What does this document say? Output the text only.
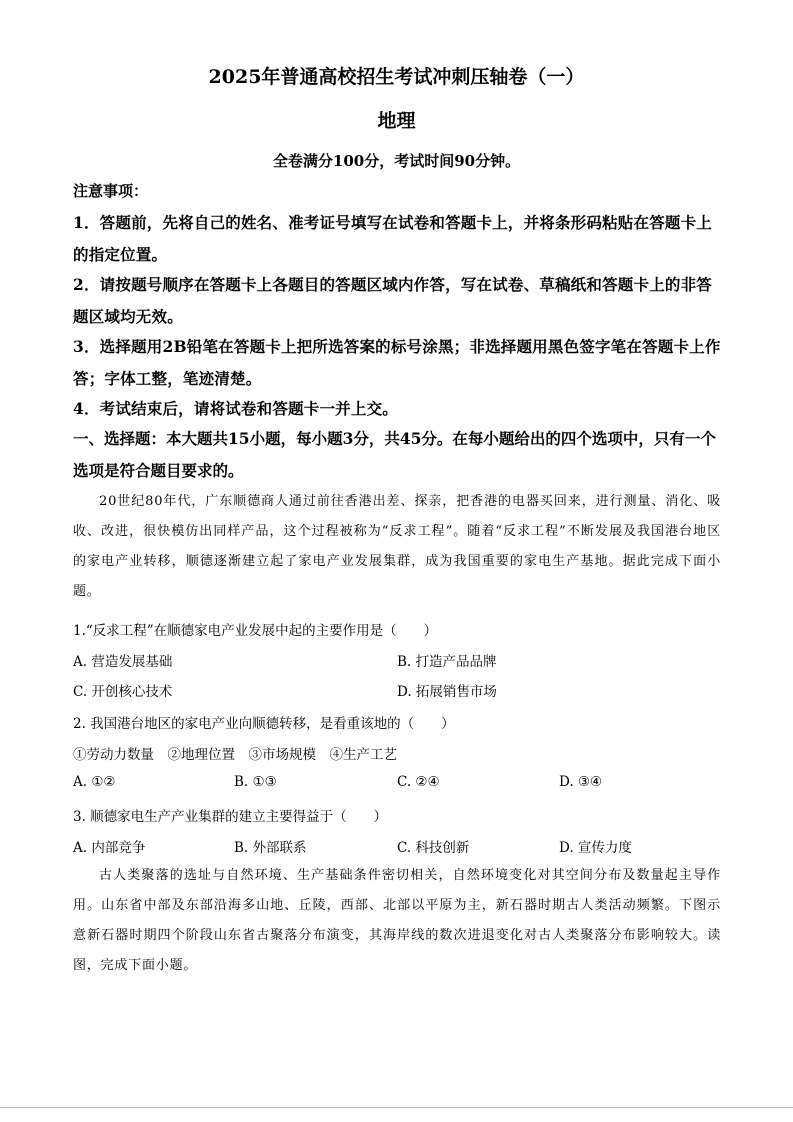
2025年普通高校招生考试冲刺压轴卷（一）
地理
全卷满分100分，考试时间90分钟。
注意事项：
1．答题前，先将自己的姓名、准考证号填写在试卷和答题卡上，并将条形码粘贴在答题卡上的指定位置。
2．请按题号顺序在答题卡上各题目的答题区域内作答，写在试卷、草稿纸和答题卡上的非答题区域均无效。
3．选择题用2B铅笔在答题卡上把所选答案的标号涂黑；非选择题用黑色签字笔在答题卡上作答；字体工整，笔迹清楚。
4．考试结束后，请将试卷和答题卡一并上交。
一、选择题：本大题共15小题，每小题3分，共45分。在每小题给出的四个选项中，只有一个选项是符合题目要求的。
20世纪80年代，广东顺德商人通过前往香港出差、探亲，把香港的电器买回来，进行测量、消化、吸收、改进，很快模仿出同样产品，这个过程被称为“反求工程”。随着“反求工程”不断发展及我国港台地区的家电产业转移，顺德逐渐建立起了家电产业发展集群，成为我国重要的家电生产基地。据此完成下面小题。
1.“反求工程”在顺德家电产业发展中起的主要作用是（　　）
A. 营造发展基础	B. 打造产品品牌
C. 开创核心技术	D. 拓展销售市场
2. 我国港台地区的家电产业向顺德转移，是看重该地的（　　）
①劳动力数量　②地理位置　③市场规模　④生产工艺
A. ①②	B. ①③	C. ②④	D. ③④
3. 顺德家电生产产业集群的建立主要得益于（　　）
A. 内部竞争	B. 外部联系	C. 科技创新	D. 宣传力度
古人类聚落的选址与自然环境、生产基础条件密切相关，自然环境变化对其空间分布及数量起主导作用。山东省中部及东部沿海多山地、丘陵，西部、北部以平原为主，新石器时期古人类活动频繁。下图示意新石器时期四个阶段山东省古聚落分布演变，其海岸线的数次进退变化对古人类聚落分布影响较大。读图，完成下面小题。
